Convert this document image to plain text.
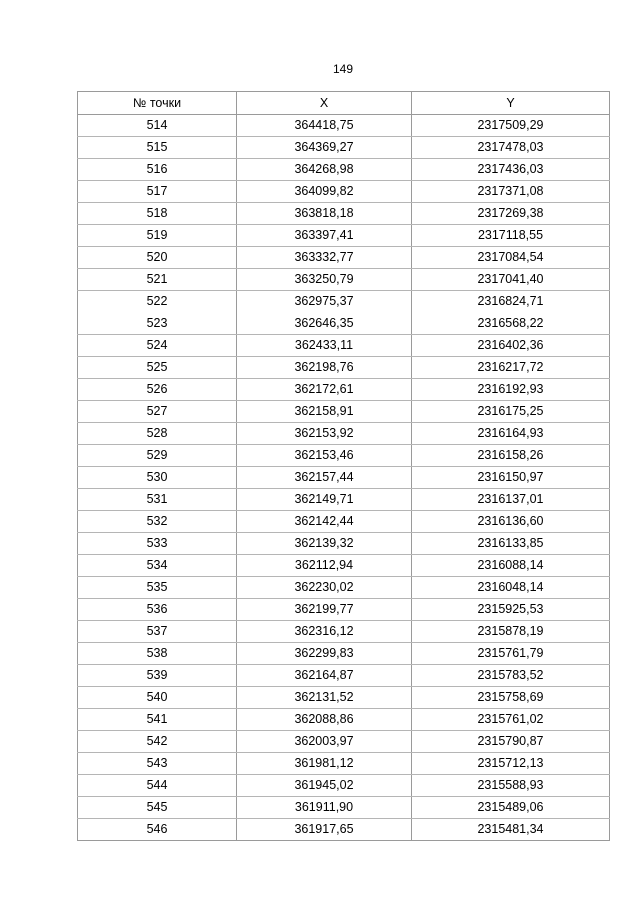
149
№ точки	X	Y
514	364418,75	2317509,29
515	364369,27	2317478,03
516	364268,98	2317436,03
517	364099,82	2317371,08
518	363818,18	2317269,38
519	363397,41	2317118,55
520	363332,77	2317084,54
521	363250,79	2317041,40
522	362975,37	2316824,71
523	362646,35	2316568,22
524	362433,11	2316402,36
525	362198,76	2316217,72
526	362172,61	2316192,93
527	362158,91	2316175,25
528	362153,92	2316164,93
529	362153,46	2316158,26
530	362157,44	2316150,97
531	362149,71	2316137,01
532	362142,44	2316136,60
533	362139,32	2316133,85
534	362112,94	2316088,14
535	362230,02	2316048,14
536	362199,77	2315925,53
537	362316,12	2315878,19
538	362299,83	2315761,79
539	362164,87	2315783,52
540	362131,52	2315758,69
541	362088,86	2315761,02
542	362003,97	2315790,87
543	361981,12	2315712,13
544	361945,02	2315588,93
545	361911,90	2315489,06
546	361917,65	2315481,34
